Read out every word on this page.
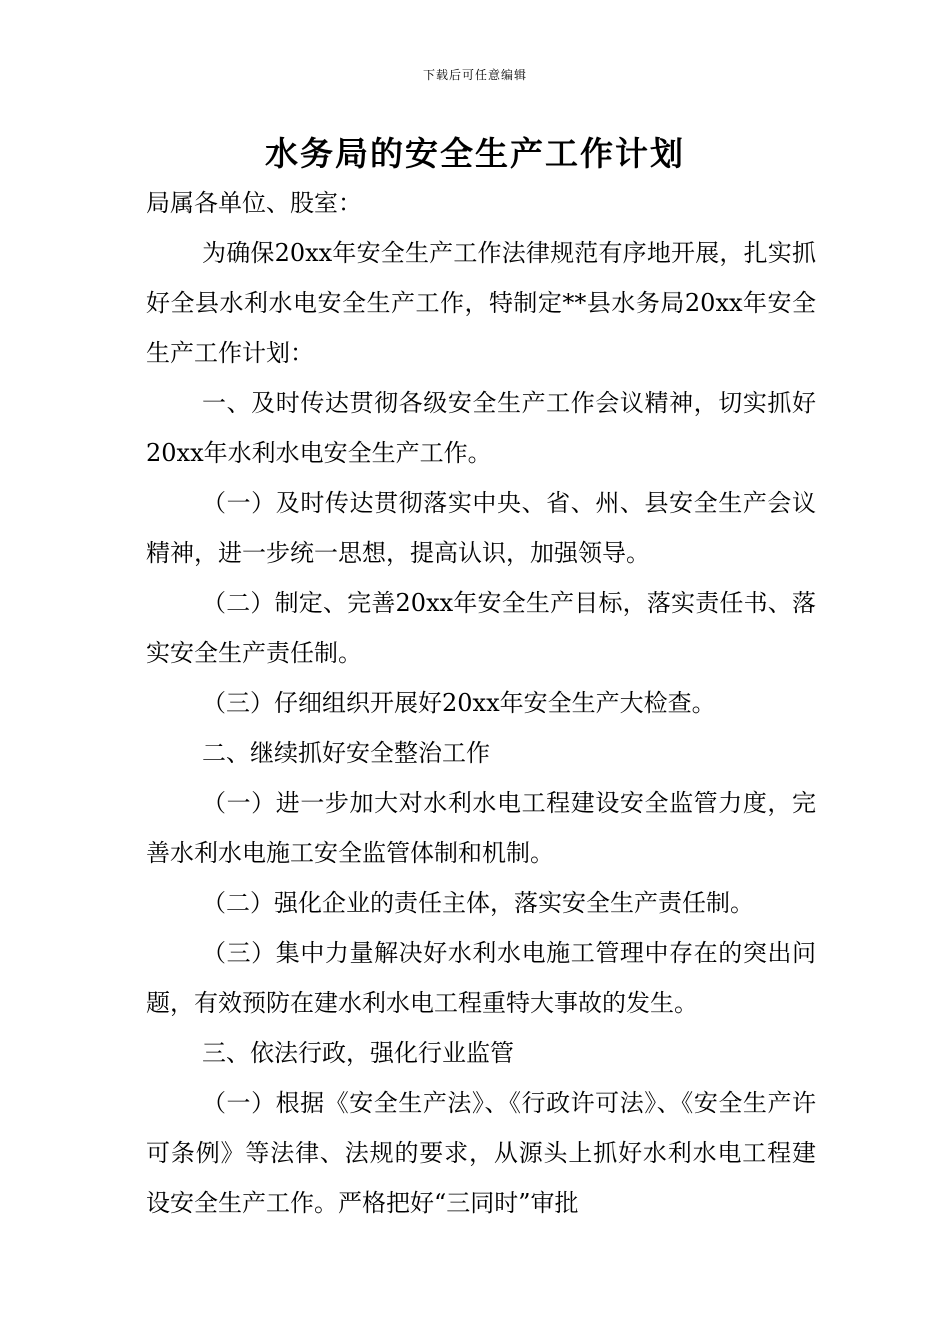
下载后可任意编辑
水务局的安全生产工作计划

局属各单位、股室：

为确保20xx年安全生产工作法律规范有序地开展，扎实抓好全县水利水电安全生产工作，特制定**县水务局20xx年安全生产工作计划：

一、及时传达贯彻各级安全生产工作会议精神，切实抓好20xx年水利水电安全生产工作。

（一）及时传达贯彻落实中央、省、州、县安全生产会议精神，进一步统一思想，提高认识，加强领导。

（二）制定、完善20xx年安全生产目标，落实责任书、落实安全生产责任制。

（三）仔细组织开展好20xx年安全生产大检查。

二、继续抓好安全整治工作

（一）进一步加大对水利水电工程建设安全监管力度，完善水利水电施工安全监管体制和机制。

（二）强化企业的责任主体，落实安全生产责任制。

（三）集中力量解决好水利水电施工管理中存在的突出问题，有效预防在建水利水电工程重特大事故的发生。

三、依法行政，强化行业监管

（一）根据《安全生产法》、《行政许可法》、《安全生产许可条例》等法律、法规的要求，从源头上抓好水利水电工程建设安全生产工作。严格把好“三同时”审批
